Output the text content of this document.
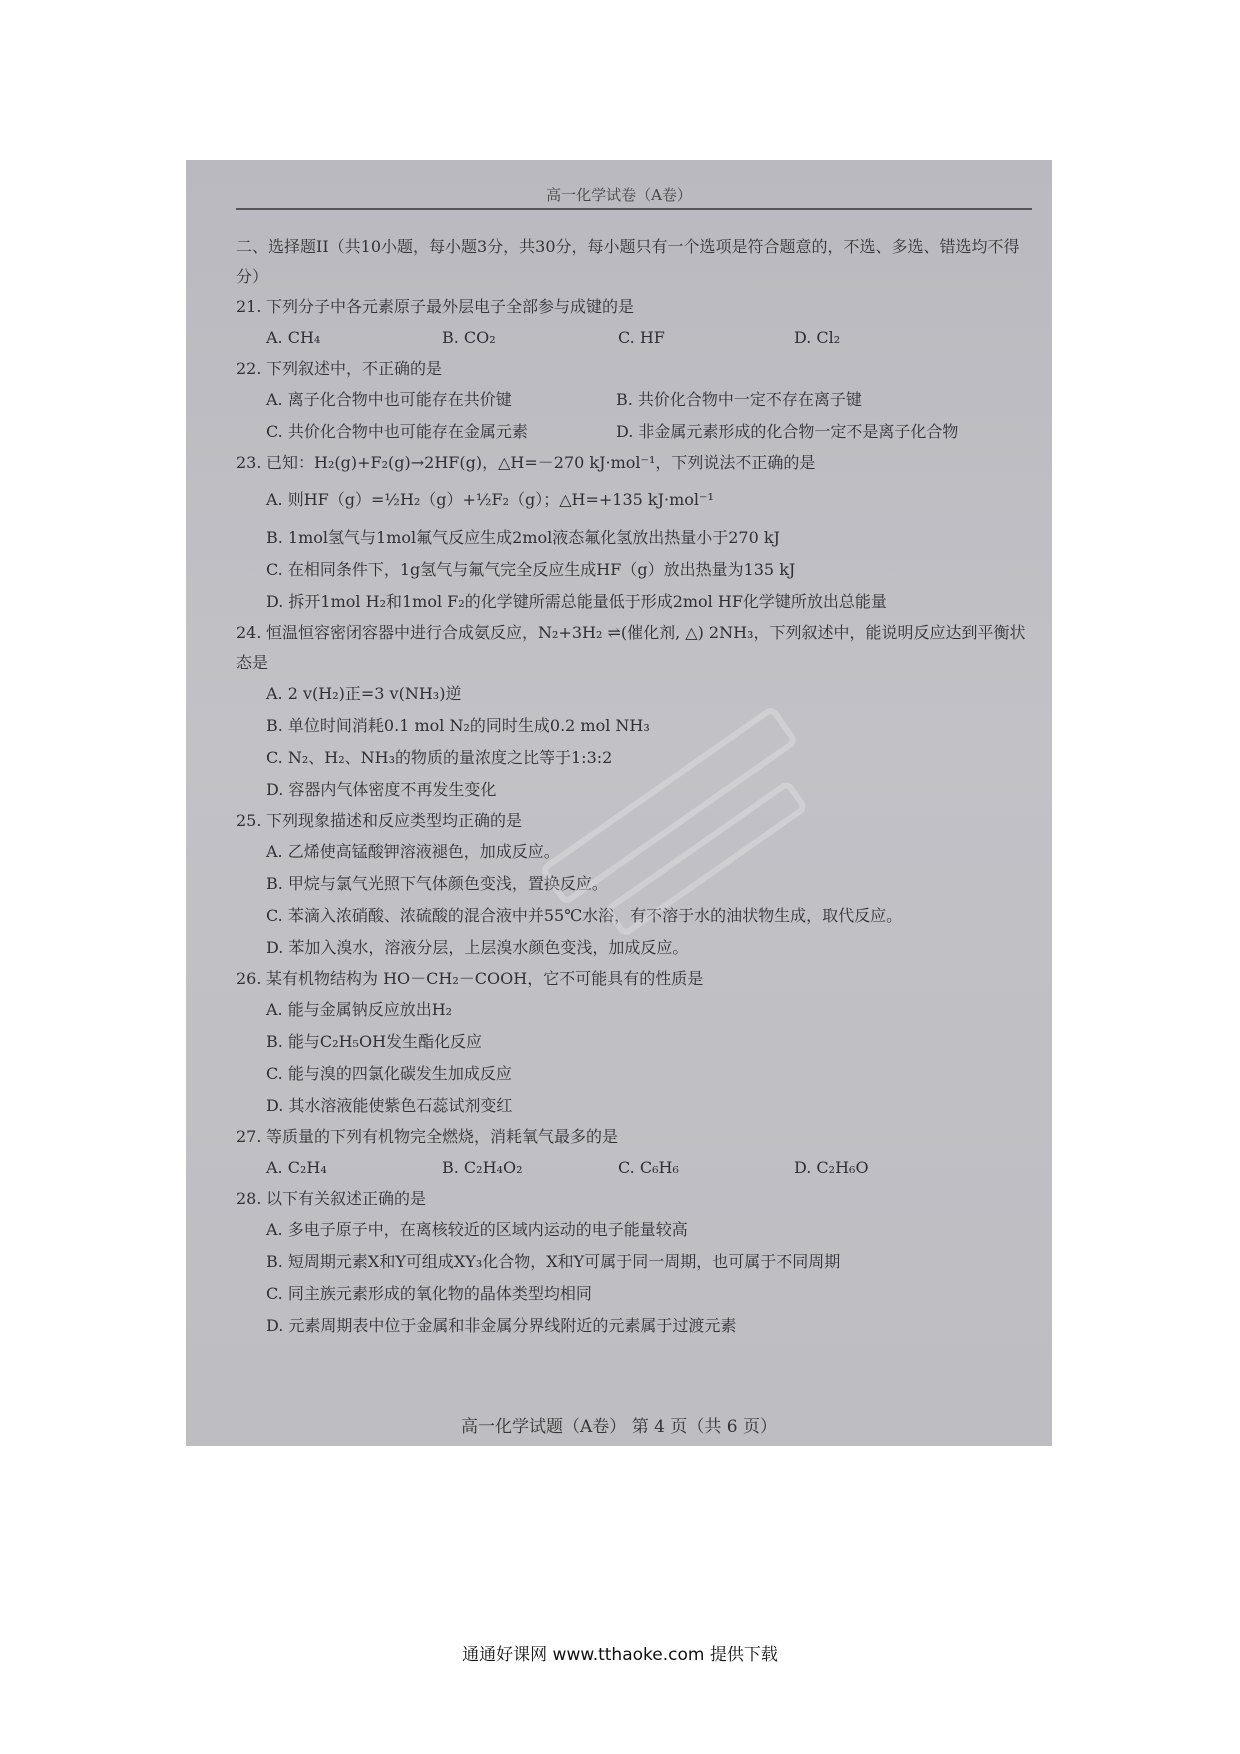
高一化学试卷（A卷）
二、选择题II（共10小题，每小题3分，共30分，每小题只有一个选项是符合题意的，不选、多选、错选均不得分）
21. 下列分子中各元素原子最外层电子全部参与成键的是
A. CH₄	B. CO₂	C. HF	D. Cl₂
22. 下列叙述中，不正确的是
A. 离子化合物中也可能存在共价键	B. 共价化合物中一定不存在离子键
C. 共价化合物中也可能存在金属元素	D. 非金属元素形成的化合物一定不是离子化合物
23. 已知：H₂(g)+F₂(g)→2HF(g)，△H=－270 kJ·mol⁻¹，下列说法不正确的是
A. 则HF（g）=½H₂（g）+½F₂（g）；△H=+135 kJ·mol⁻¹
B. 1mol氢气与1mol氟气反应生成2mol液态氟化氢放出热量小于270 kJ
C. 在相同条件下，1g氢气与氟气完全反应生成HF（g）放出热量为135 kJ
D. 拆开1mol H₂和1mol F₂的化学键所需总能量低于形成2mol HF化学键所放出总能量
24. 恒温恒容密闭容器中进行合成氨反应，N₂+3H₂ ⇌(催化剂, △) 2NH₃，下列叙述中，能说明反应达到平衡状态是
A. 2 v(H₂)正=3 v(NH₃)逆
B. 单位时间消耗0.1 mol N₂的同时生成0.2 mol NH₃
C. N₂、H₂、NH₃的物质的量浓度之比等于1:3:2
D. 容器内气体密度不再发生变化
25. 下列现象描述和反应类型均正确的是
A. 乙烯使高锰酸钾溶液褪色，加成反应。
B. 甲烷与氯气光照下气体颜色变浅，置换反应。
C. 苯滴入浓硝酸、浓硫酸的混合液中并55℃水浴，有不溶于水的油状物生成，取代反应。
D. 苯加入溴水，溶液分层，上层溴水颜色变浅，加成反应。
26. 某有机物结构为 HO－CH₂－COOH，它不可能具有的性质是
A. 能与金属钠反应放出H₂
B. 能与C₂H₅OH发生酯化反应
C. 能与溴的四氯化碳发生加成反应
D. 其水溶液能使紫色石蕊试剂变红
27. 等质量的下列有机物完全燃烧，消耗氧气最多的是
A. C₂H₄	B. C₂H₄O₂	C. C₆H₆	D. C₂H₆O
28. 以下有关叙述正确的是
A. 多电子原子中，在离核较近的区域内运动的电子能量较高
B. 短周期元素X和Y可组成XY₃化合物，X和Y可属于同一周期，也可属于不同周期
C. 同主族元素形成的氧化物的晶体类型均相同
D. 元素周期表中位于金属和非金属分界线附近的元素属于过渡元素
高一化学试题（A卷） 第 4 页（共 6 页）
通通好课网 www.tthaoke.com 提供下载
